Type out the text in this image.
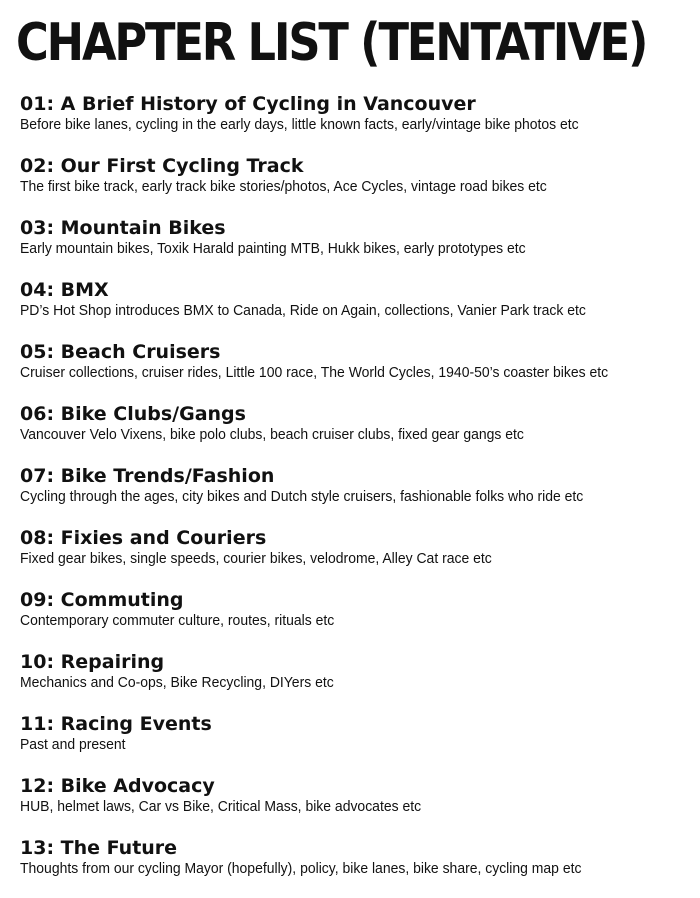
CHAPTER LIST (TENTATIVE)
01: A Brief History of Cycling in Vancouver
Before bike lanes, cycling in the early days, little known facts, early/vintage bike photos etc
02: Our First Cycling Track
The first bike track, early track bike stories/photos, Ace Cycles, vintage road bikes etc
03: Mountain Bikes
Early mountain bikes, Toxik Harald painting MTB, Hukk bikes, early prototypes etc
04: BMX
PD’s Hot Shop introduces BMX to Canada, Ride on Again, collections, Vanier Park track etc
05: Beach Cruisers
Cruiser collections, cruiser rides, Little 100 race, The World Cycles, 1940-50’s coaster bikes etc
06: Bike Clubs/Gangs
Vancouver Velo Vixens, bike polo clubs, beach cruiser clubs, fixed gear gangs etc
07: Bike Trends/Fashion
Cycling through the ages, city bikes and Dutch style cruisers, fashionable folks who ride etc
08: Fixies and Couriers
Fixed gear bikes, single speeds, courier bikes, velodrome, Alley Cat race etc
09: Commuting
Contemporary commuter culture, routes, rituals etc
10: Repairing
Mechanics and Co-ops, Bike Recycling, DIYers etc
11: Racing Events
Past and present
12: Bike Advocacy
HUB, helmet laws, Car vs Bike, Critical Mass, bike advocates etc
13: The Future
Thoughts from our cycling Mayor (hopefully), policy, bike lanes, bike share, cycling map etc
